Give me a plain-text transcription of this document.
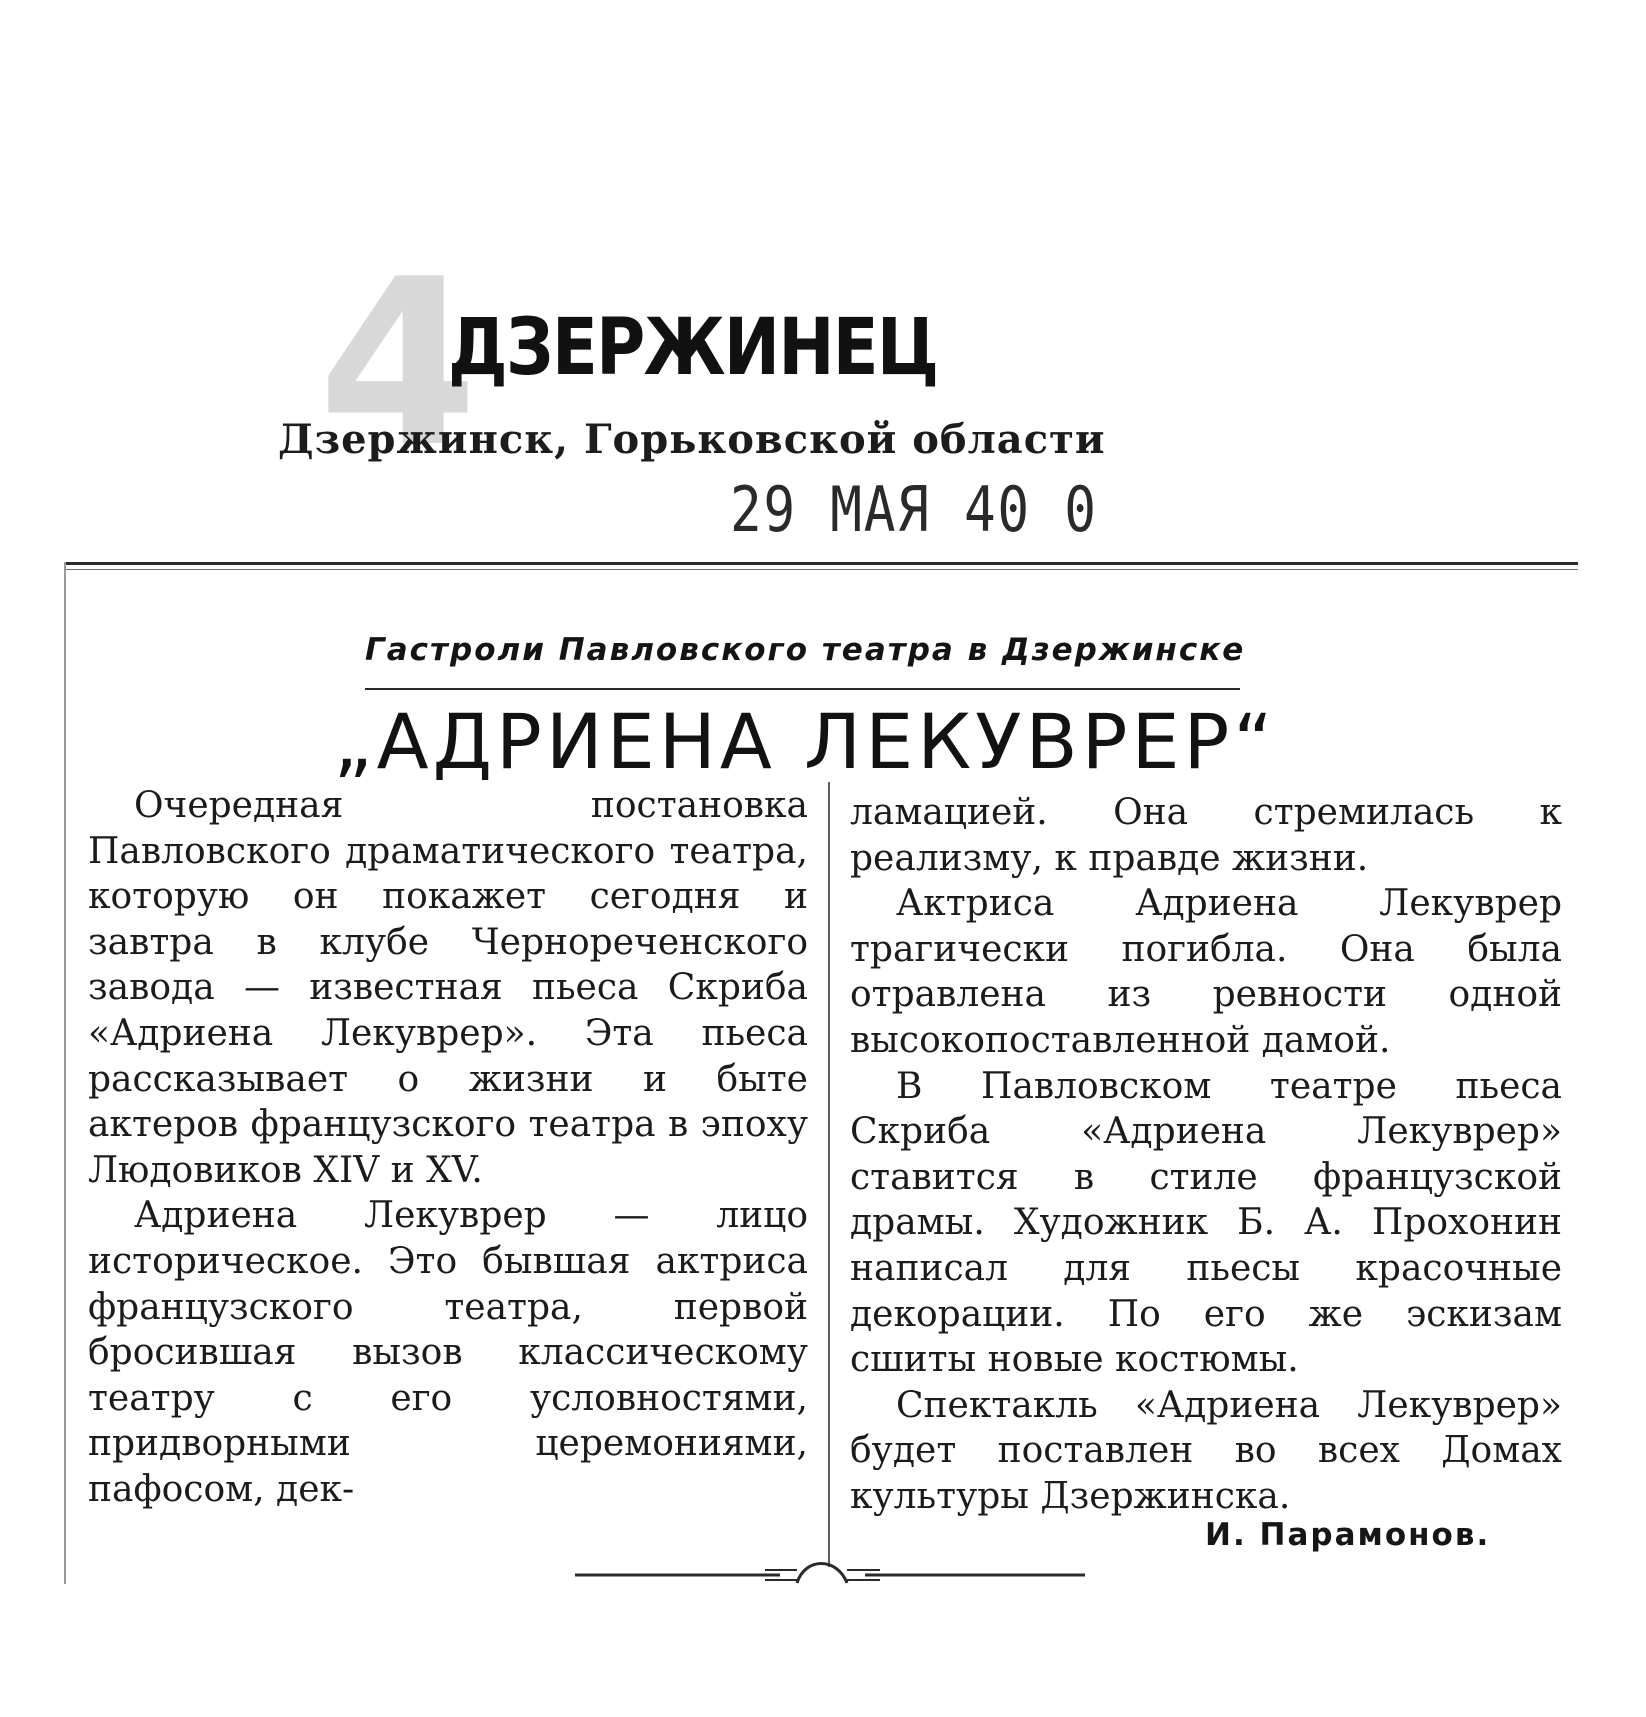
4
ДЗЕРЖИНЕЦ
Дзержинск, Горьковской области
29 МАЯ 40 0
Гастроли Павловского театра в Дзержинске
„АДРИЕНА ЛЕКУВРЕР“

Очередная постановка Павловского драматического театра, которую он покажет сегодня и завтра в клубе Чернореченского завода — известная пьеса Скриба «Адриена Лекуврер». Эта пьеса рассказывает о жизни и быте актеров французского театра в эпоху Людовиков XIV и XV.

Адриена Лекуврер — лицо историческое. Это бывшая актриса французского театра, первой бросившая вызов классическому театру с его условностями, придворными церемониями, пафосом, дек-

ламацией. Она стремилась к реализму, к правде жизни.

Актриса Адриена Лекуврер трагически погибла. Она была отравлена из ревности одной высокопоставленной дамой.

В Павловском театре пьеса Скриба «Адриена Лекуврер» ставится в стиле французской драмы. Художник Б. А. Прохонин написал для пьесы красочные декорации. По его же эскизам сшиты новые костюмы.

Спектакль «Адриена Лекуврер» будет поставлен во всех Домах культуры Дзержинска.

И. Парамонов.
